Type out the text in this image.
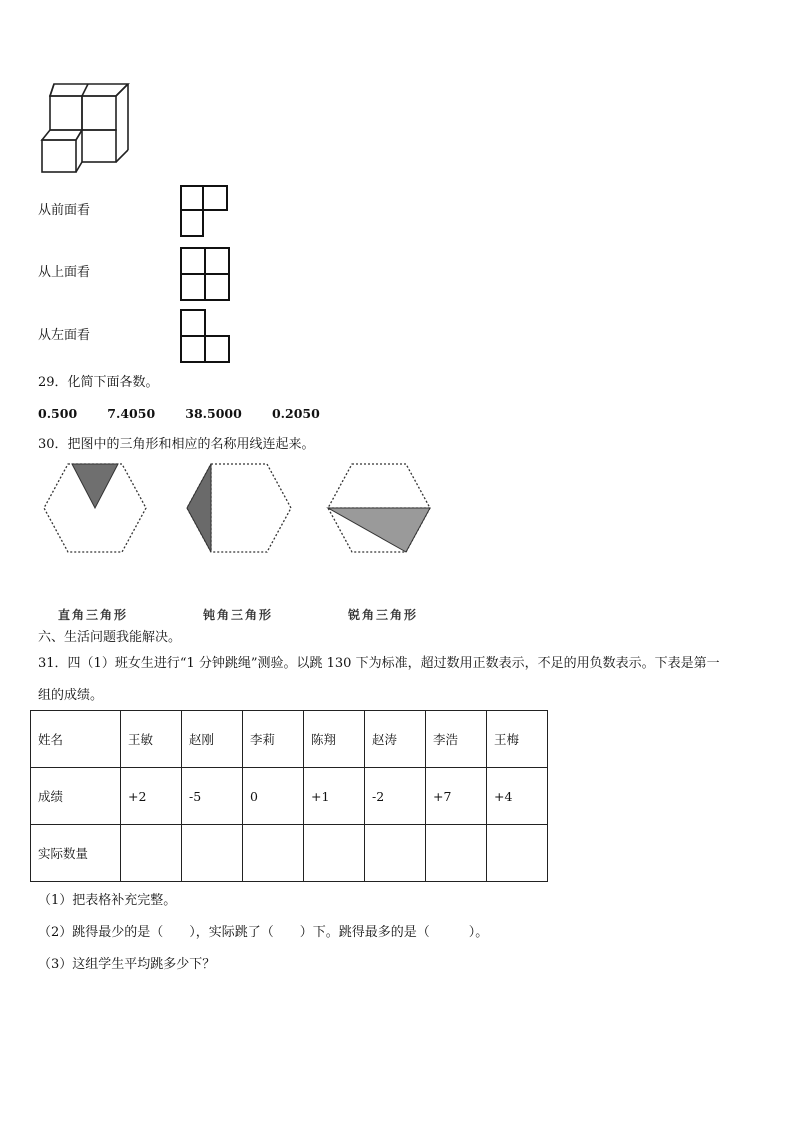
从前面看
从上面看
从左面看
29．化简下面各数。
0.500 7.4050 38.5000 0.2050
30．把图中的三角形和相应的名称用线连起来。
直角三角形	钝角三角形	锐角三角形
六、生活问题我能解决。
31．四（1）班女生进行“1 分钟跳绳”测验。以跳 130 下为标准，超过数用正数表示，不足的用负数表示。下表是第一
组的成绩。
姓名	王敏	赵刚	李莉	陈翔	赵涛	李浩	王梅
成绩	+2	-5	0	+1	-2	+7	+4
实际数量							
（1）把表格补充完整。
（2）跳得最少的是（　　），实际跳了（　　）下。跳得最多的是（　　　）。
（3）这组学生平均跳多少下？
